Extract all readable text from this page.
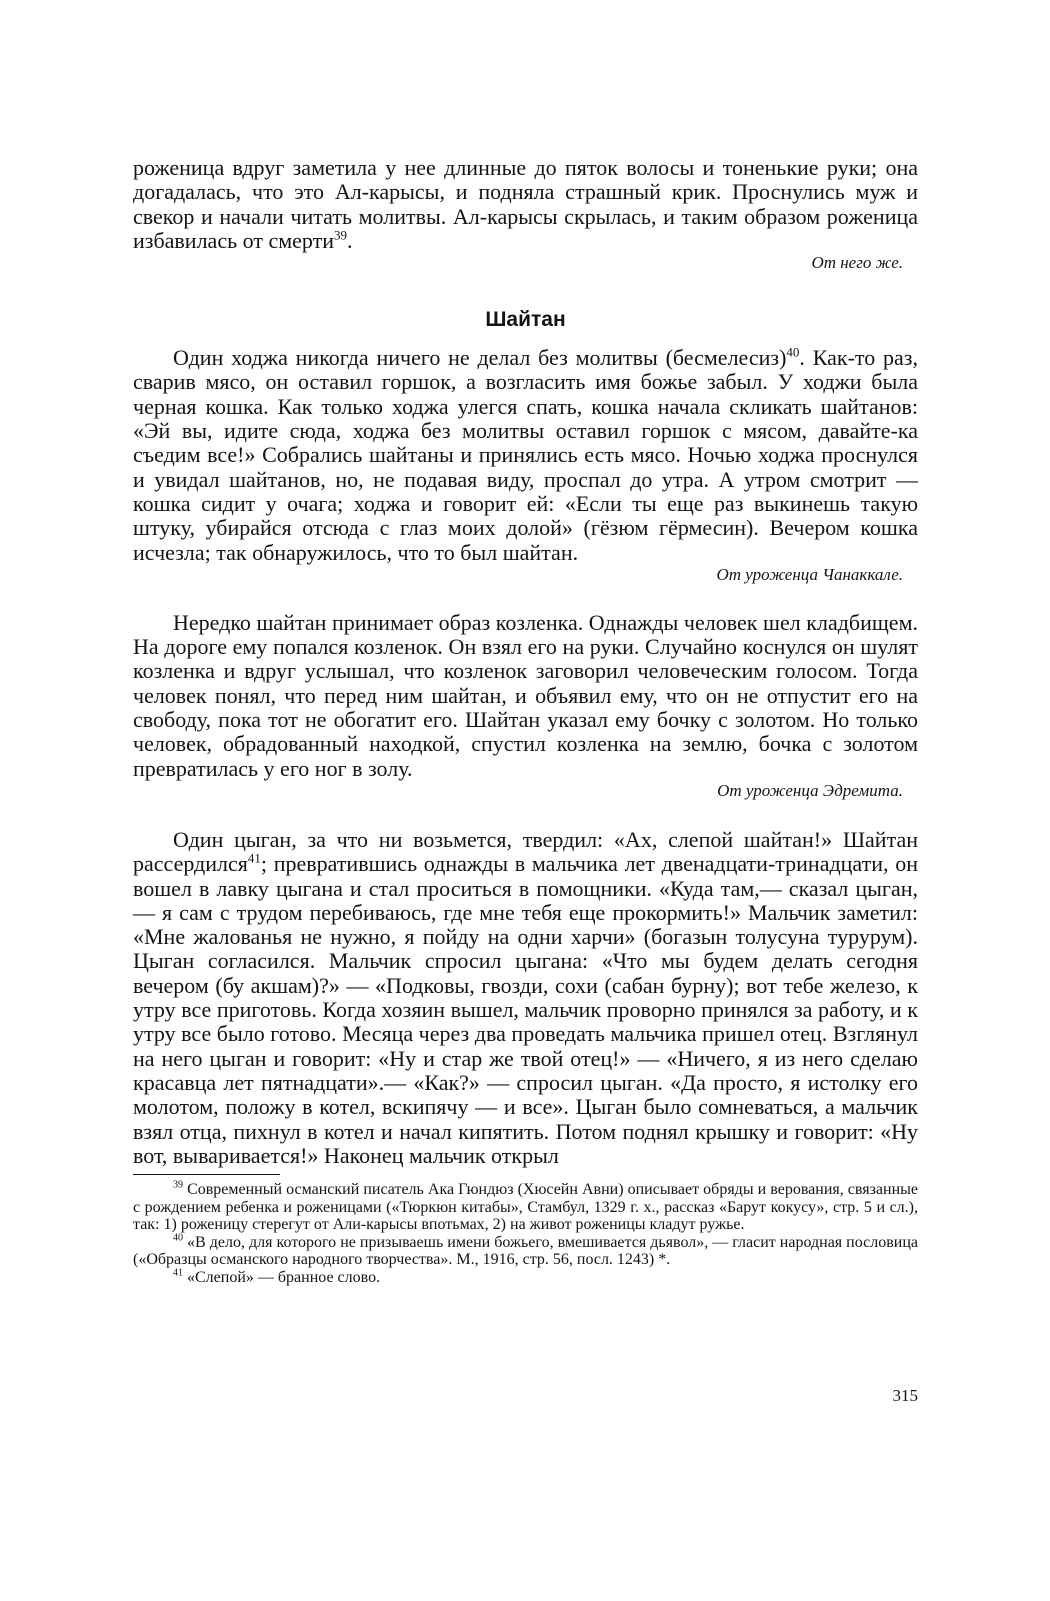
роженица вдруг заметила у нее длинные до пяток волосы и тоненькие руки; она догадалась, что это Ал-карысы, и подняла страшный крик. Проснулись муж и свекор и начали читать молитвы. Ал-карысы скрылась, и таким образом роженица избавилась от смерти$^{39}$.

От него же.

Шайтан

Один ходжа никогда ничего не делал без молитвы (бесмелесиз)$^{40}$. Как-то раз, сварив мясо, он оставил горшок, а возгласить имя божье забыл. У ходжи была черная кошка. Как только ходжа улегся спать, кошка начала скликать шайтанов: «Эй вы, идите сюда, ходжа без молитвы оставил горшок с мясом, давайте-ка съедим все!» Собрались шайтаны и принялись есть мясо. Ночью ходжа проснулся и увидал шайтанов, но, не подавая виду, проспал до утра. А утром смотрит — кошка сидит у очага; ходжа и говорит ей: «Если ты еще раз выкинешь такую штуку, убирайся отсюда с глаз моих долой» (гёзюм гёрмесин). Вечером кошка исчезла; так обнаружилось, что то был шайтан.

От уроженца Чанаккале.

Нередко шайтан принимает образ козленка. Однажды человек шел кладбищем. На дороге ему попался козленок. Он взял его на руки. Случайно коснулся он шулят козленка и вдруг услышал, что козленок заговорил человеческим голосом. Тогда человек понял, что перед ним шайтан, и объявил ему, что он не отпустит его на свободу, пока тот не обогатит его. Шайтан указал ему бочку с золотом. Но только человек, обрадованный находкой, спустил козленка на землю, бочка с золотом превратилась у его ног в золу.

От уроженца Эдремита.

Один цыган, за что ни возьмется, твердил: «Ах, слепой шайтан!» Шайтан рассердился$^{41}$; превратившись однажды в мальчика лет двенадцати-тринадцати, он вошел в лавку цыгана и стал проситься в помощники. «Куда там,— сказал цыган,— я сам с трудом перебиваюсь, где мне тебя еще прокормить!» Мальчик заметил: «Мне жалованья не нужно, я пойду на одни харчи» (богазын толусуна турурум). Цыган согласился. Мальчик спросил цыгана: «Что мы будем делать сегодня вечером (бу акшам)?» — «Подковы, гвозди, сохи (сабан бурну); вот тебе железо, к утру все приготовь. Когда хозяин вышел, мальчик проворно принялся за работу, и к утру все было готово. Месяца через два проведать мальчика пришел отец. Взглянул на него цыган и говорит: «Ну и стар же твой отец!» — «Ничего, я из него сделаю красавца лет пятнадцати».— «Как?» — спросил цыган. «Да просто, я истолку его молотом, положу в котел, вскипячу — и все». Цыган было сомневаться, а мальчик взял отца, пихнул в котел и начал кипятить. Потом поднял крышку и говорит: «Ну вот, вываривается!» Наконец мальчик открыл

$^{39}$ Современный османский писатель Ака Гюндюз (Хюсейн Авни) описывает обряды и верования, связанные с рождением ребенка и роженицами («Тюркюн китабы», Стамбул, 1329 г. х., рассказ «Барут кокусу», стр. 5 и сл.), так: 1) роженицу стерегут от Али-карысы впотьмах, 2) на живот роженицы кладут ружье.

$^{40}$ «В дело, для которого не призываешь имени божьего, вмешивается дьявол», — гласит народная пословица («Образцы османского народного творчества». М., 1916, стр. 56, посл. 1243) *.

$^{41}$ «Слепой» — бранное слово.

315
